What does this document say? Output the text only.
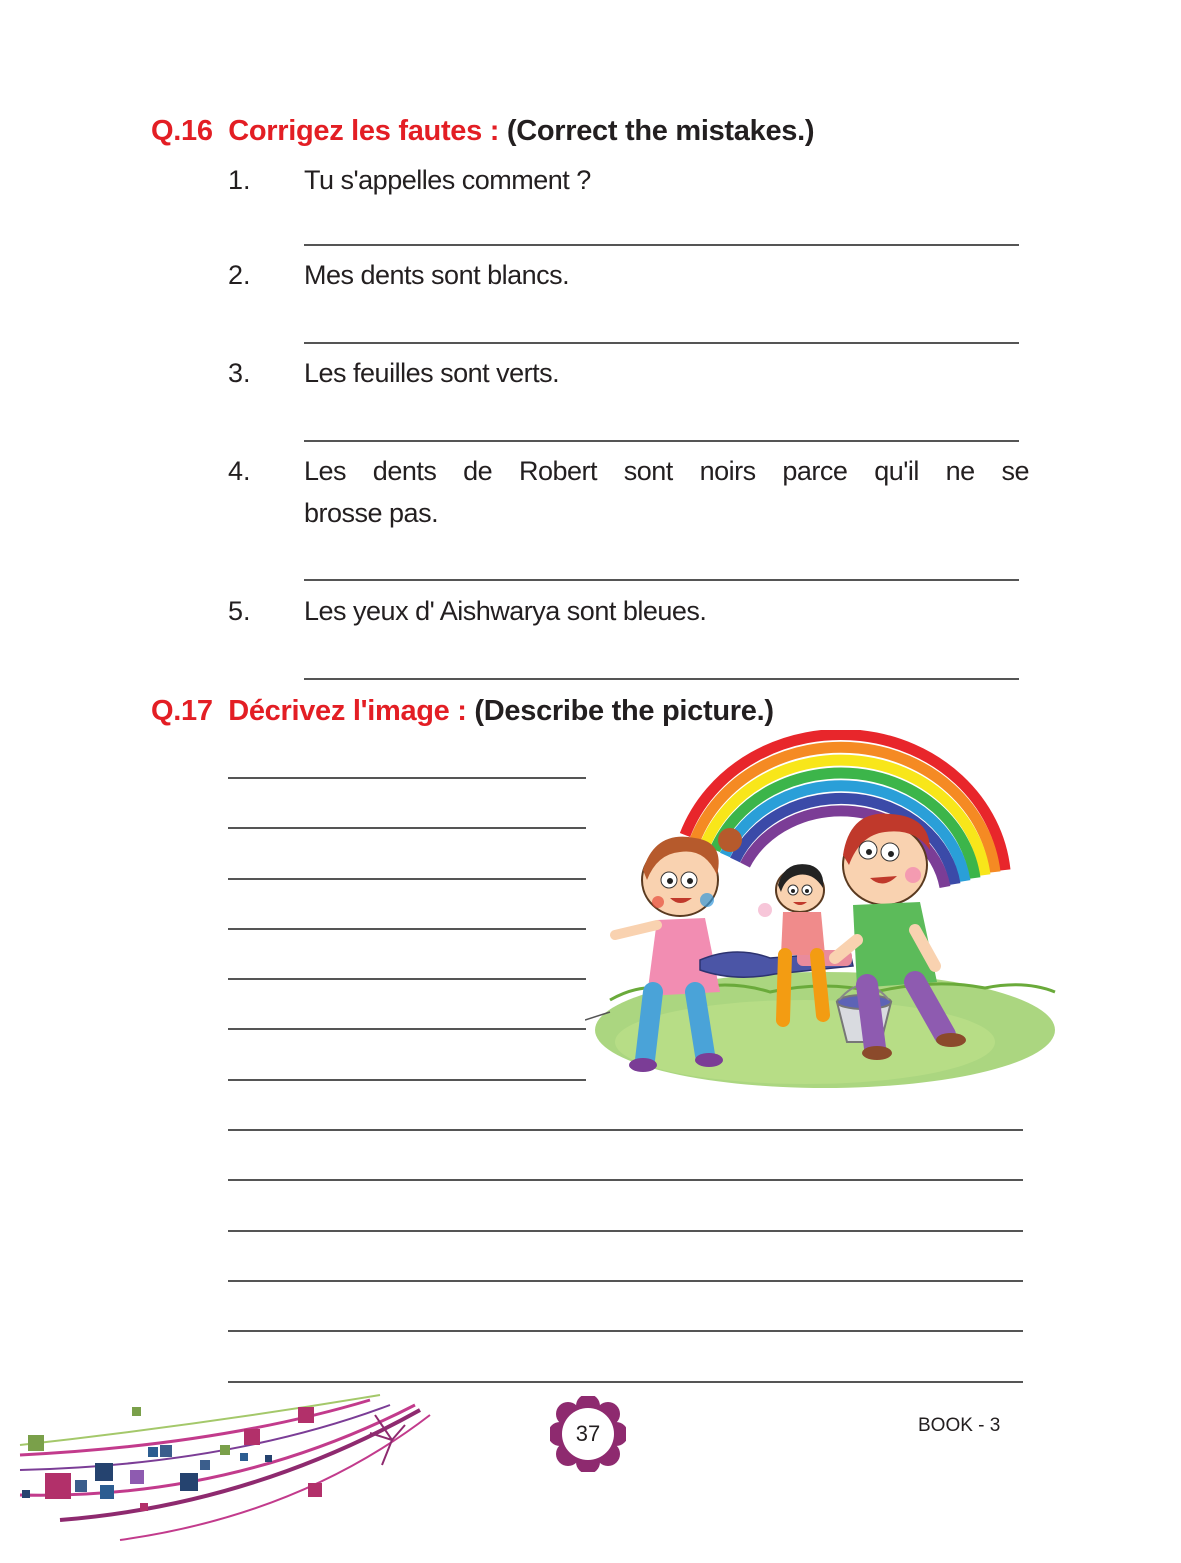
Q.16 Corrigez les fautes : (Correct the mistakes.)
1. Tu s'appelles comment ?
2. Mes dents sont blancs.
3. Les feuilles sont verts.
4. Les dents de Robert sont noirs parce qu'il ne se
brosse pas.
5. Les yeux d' Aishwarya sont bleues.
Q.17 Décrivez l'image : (Describe the picture.)
37	BOOK - 3
